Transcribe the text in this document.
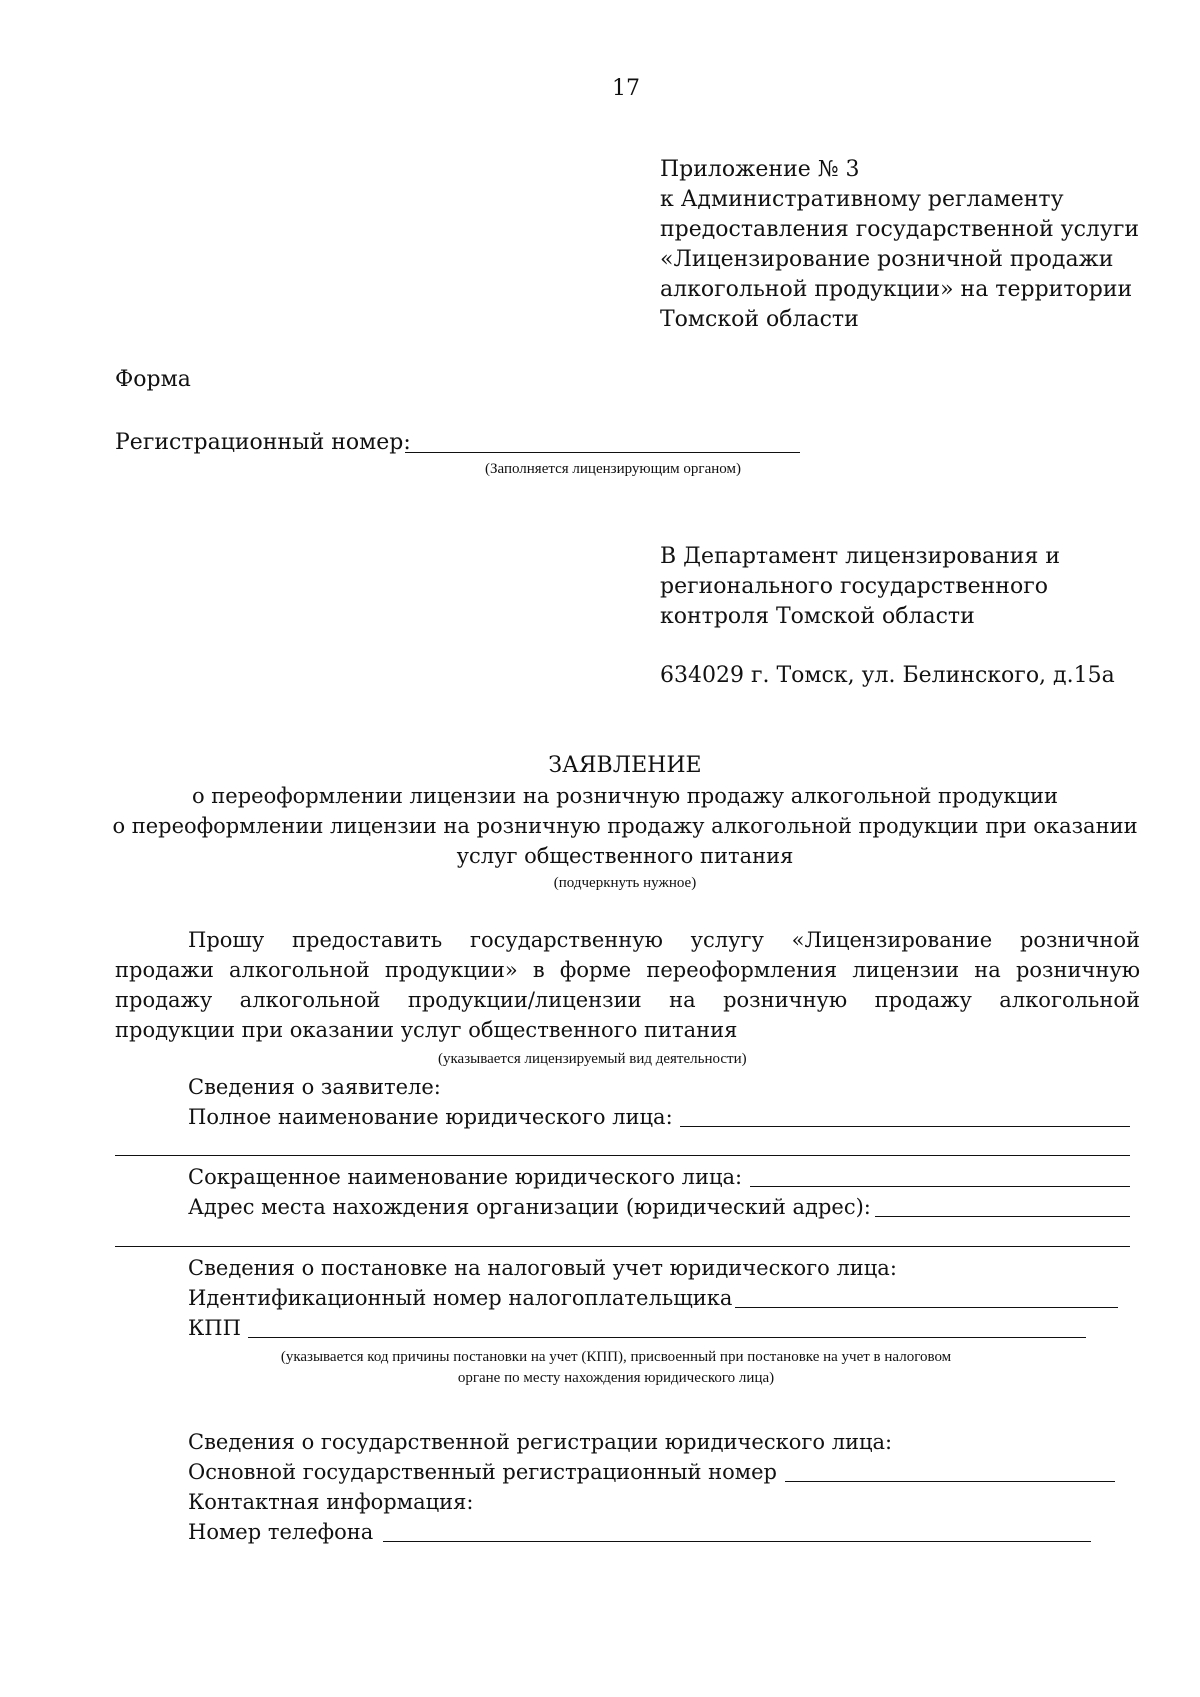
17
Приложение № 3
к Административному регламенту
предоставления государственной услуги
«Лицензирование розничной продажи
алкогольной продукции» на территории
Томской области
Форма
Регистрационный номер:
(Заполняется лицензирующим органом)
В Департамент лицензирования и
регионального государственного
контроля Томской области
634029 г. Томск, ул. Белинского, д.15а
ЗАЯВЛЕНИЕ
о переоформлении лицензии на розничную продажу алкогольной продукции
о переоформлении лицензии на розничную продажу алкогольной продукции при оказании
услуг общественного питания
(подчеркнуть нужное)
Прошу предоставить государственную услугу «Лицензирование розничной продажи алкогольной продукции» в форме переоформления лицензии на розничную продажу алкогольной продукции/лицензии на розничную продажу алкогольной продукции при оказании услуг общественного питания
(указывается лицензируемый вид деятельности)
Сведения о заявителе:
Полное наименование юридического лица:
Сокращенное наименование юридического лица:
Адрес места нахождения организации (юридический адрес):
Сведения о постановке на налоговый учет юридического лица:
Идентификационный номер налогоплательщика
КПП
(указывается код причины постановки на учет (КПП), присвоенный при постановке на учет в налоговом
органе по месту нахождения юридического лица)
Сведения о государственной регистрации юридического лица:
Основной государственный регистрационный номер
Контактная информация:
Номер телефона
